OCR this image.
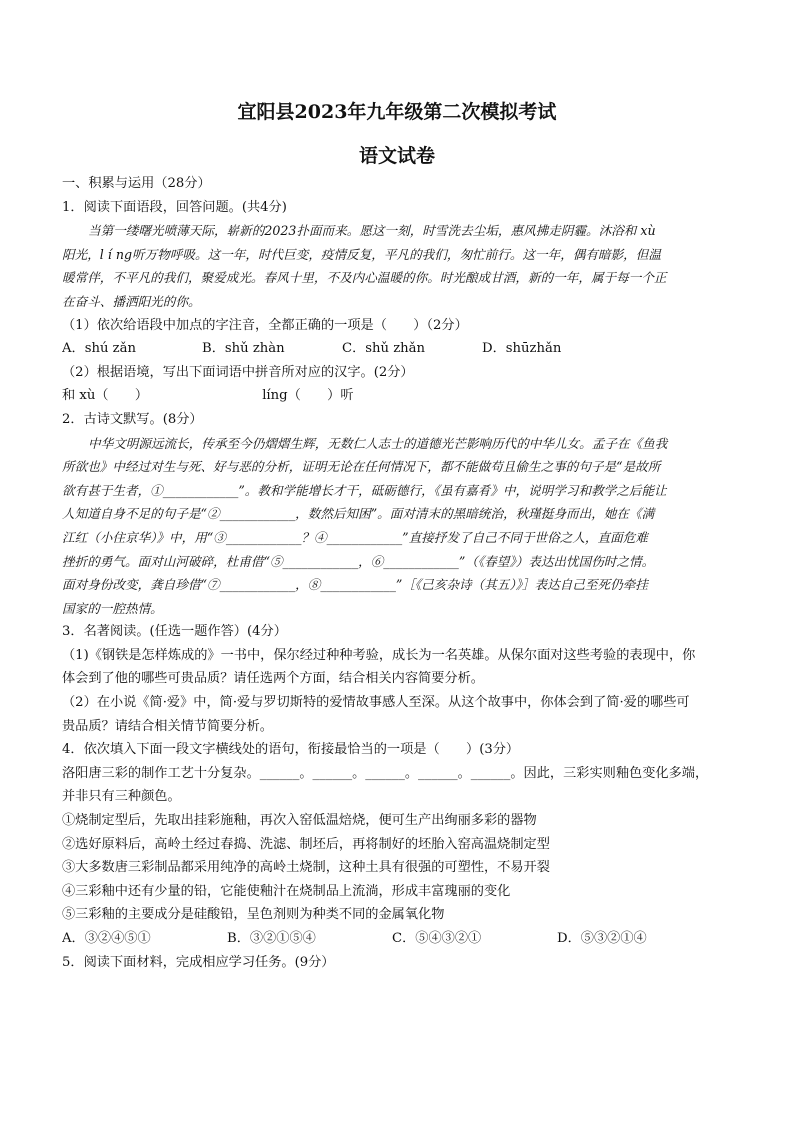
宜阳县2023年九年级第二次模拟考试
语文试卷
一、积累与运用（28分）
1．阅读下面语段，回答问题。(共4分)
当第一缕曙光喷薄天际，崭新的2023扑面而来。愿这一刻，时雪洗去尘垢，惠风拂走阴霾。沐浴和 xù
阳光，l í ng听万物呼吸。这一年，时代巨变，疫情反复，平凡的我们，匆忙前行。这一年，偶有暗影，但温
暖常伴，不平凡的我们，聚爱成光。春风十里，不及内心温暖的你。时光酿成甘酒，新的一年，属于每一个正
在奋斗、播洒阳光的你。
（1）依次给语段中加点的字注音，全都正确的一项是（　　）（2分）
A．shú zǎn	B．shǔ zhàn	C．shǔ zhǎn	D．shūzhǎn
（2）根据语境，写出下面词语中拼音所对应的汉字。(2分）
和 xù（　　）	líng（　　）听
2．古诗文默写。(8分）
中华文明源远流长，传承至今仍熠熠生辉，无数仁人志士的道德光芒影响历代的中华儿女。孟子在《鱼我
所欲也》中经过对生与死、好与恶的分析，证明无论在任何情况下，都不能做苟且偷生之事的句子是“是故所
欲有甚于生者，①____________”。教和学能增长才干，砥砺德行，《虽有嘉肴》中，说明学习和教学之后能让
人知道自身不足的句子是“②____________，数然后知困”。面对清末的黑暗统治，秋瑾挺身而出，她在《满
江红（小住京华）》中，用“③____________？④____________”直接抒发了自己不同于世俗之人，直面危难
挫折的勇气。面对山河破碎，杜甫借“⑤____________，⑥____________”（《春望》）表达出忧国伤时之情。
面对身份改变，龚自珍借“⑦____________，⑧____________”［《己亥杂诗（其五）》］表达自己至死仍牵挂
国家的一腔热情。
3．名著阅读。(任选一题作答）(4分）
（1)《钢铁是怎样炼成的》一书中，保尔经过种种考验，成长为一名英雄。从保尔面对这些考验的表现中，你
体会到了他的哪些可贵品质？请任选两个方面，结合相关内容简要分析。
（2）在小说《简·爱》中，简·爱与罗切斯特的爱情故事感人至深。从这个故事中，你体会到了简·爱的哪些可
贵品质？请结合相关情节简要分析。
4．依次填入下面一段文字横线处的语句，衔接最恰当的一项是（　　）(3分）
洛阳唐三彩的制作工艺十分复杂。______。______。______。______。______。因此，三彩实则釉色变化多端，
并非只有三种颜色。
①烧制定型后，先取出挂彩施釉，再次入窑低温焙烧，便可生产出绚丽多彩的器物
②选好原料后，高岭土经过春捣、洗滤、制坯后，再将制好的坯胎入窑高温烧制定型
③大多数唐三彩制品都采用纯净的高岭土烧制，这种土具有很强的可塑性，不易开裂
④三彩釉中还有少量的铅，它能使釉汁在烧制品上流淌，形成丰富瑰丽的变化
⑤三彩釉的主要成分是硅酸铅，呈色剂则为种类不同的金属氧化物
A．③②④⑤①	B．③②①⑤④	C．⑤④③②①	D．⑤③②①④
5．阅读下面材料，完成相应学习任务。(9分）
